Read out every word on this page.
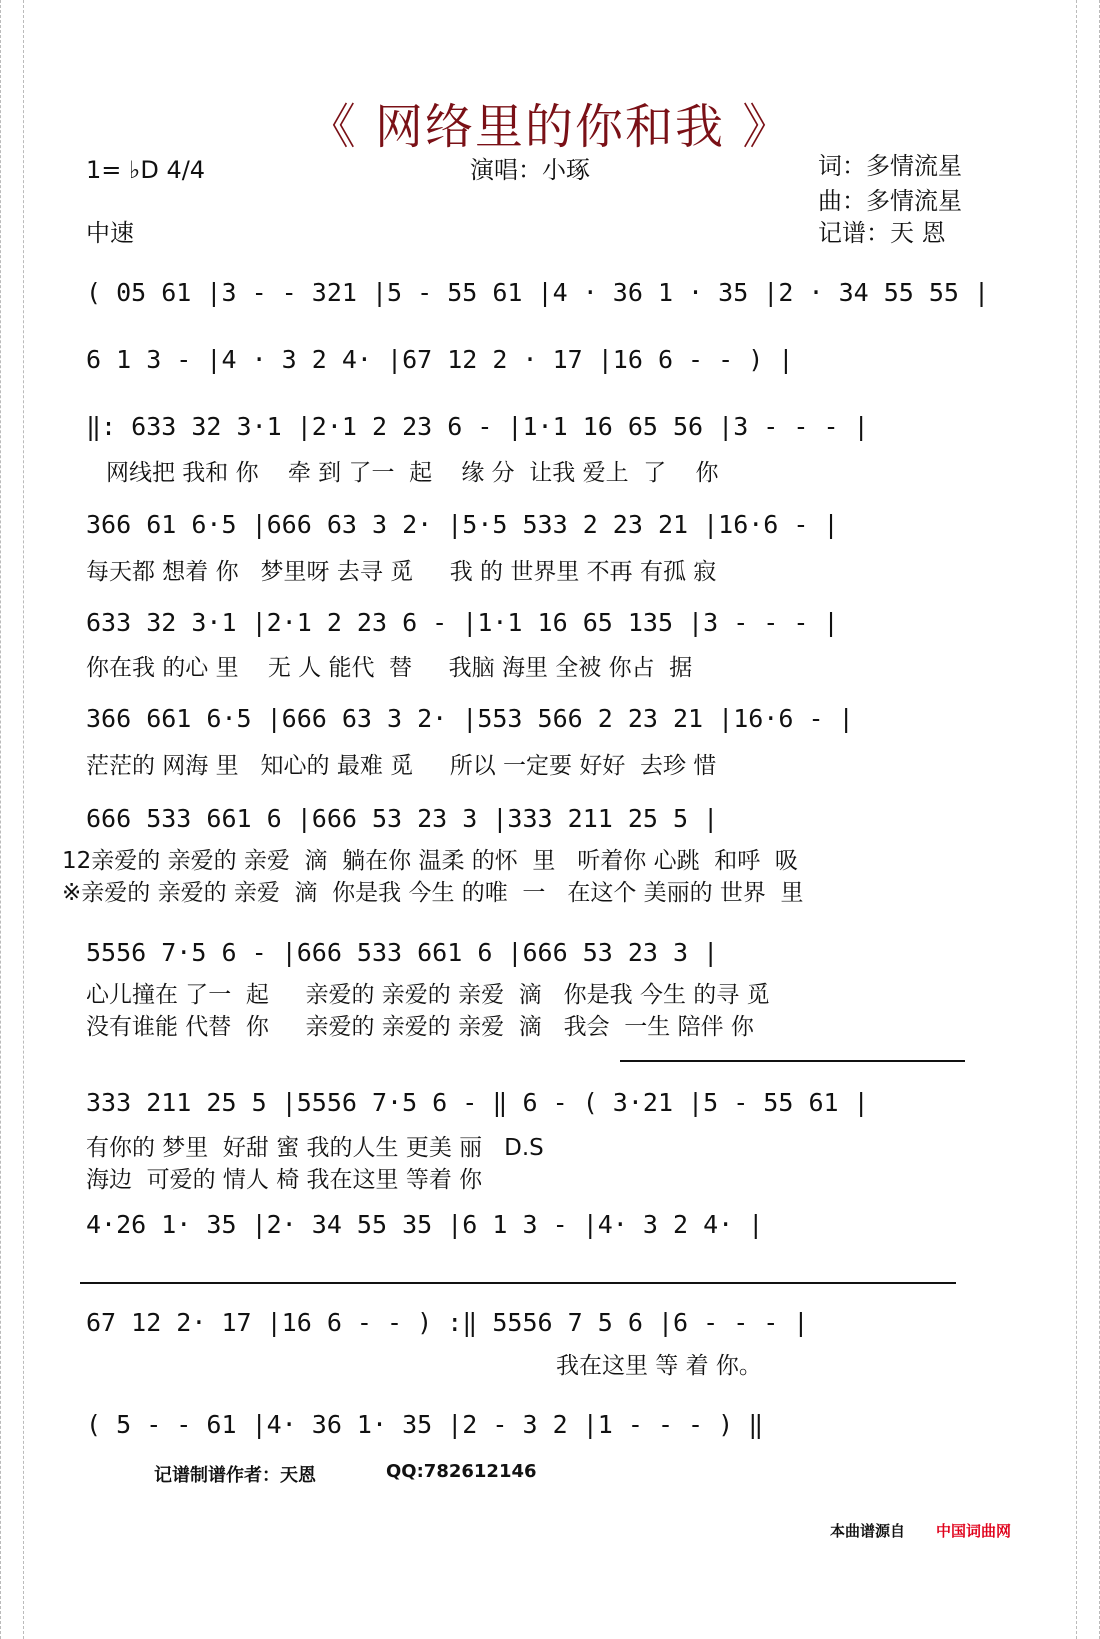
《 网络里的你和我 》
1= ♭D 4/4	演唱：小琢	词：多情流星
曲：多情流星
记谱：天 恩
中速
( 05 61 |3 - - 321 |5 - 55 61 |4 · 36 1 · 35 |2 · 34 55 55 |
6 1 3 - |4 · 3 2 4· |67 12 2 · 17 |16 6 - - ) |
‖: 633 32 3·1 |2·1 2 23 6 - |1·1 16 65 56 |3 - - - |
网线把 我和 你    牵 到 了一  起    缘 分  让我 爱上  了    你
366 61 6·5 |666 63 3 2· |5·5 533 2 23 21 |16·6 - |
每天都 想着 你   梦里呀 去寻 觅     我 的 世界里 不再 有孤 寂
633 32 3·1 |2·1 2 23 6 - |1·1 16 65 135 |3 - - - |
你在我 的心 里    无 人 能代  替     我脑 海里 全被 你占  据
366 661 6·5 |666 63 3 2· |553 566 2 23 21 |16·6 - |
茫茫的 网海 里   知心的 最难 觅     所以 一定要 好好  去珍 惜
666 533 661 6 |666 53 23 3 |333 211 25 5 |
12亲爱的 亲爱的 亲爱  滴  躺在你 温柔 的怀  里   听着你 心跳  和呼  吸
※亲爱的 亲爱的 亲爱  滴  你是我 今生 的唯  一   在这个 美丽的 世界  里
5556 7·5 6 - |666 533 661 6 |666 53 23 3 |
心儿撞在 了一  起     亲爱的 亲爱的 亲爱  滴   你是我 今生 的寻 觅
没有谁能 代替  你     亲爱的 亲爱的 亲爱  滴   我会  一生 陪伴 你
333 211 25 5 |5556 7·5 6 - ‖ 6 - ( 3·21 |5 - 55 61 |
有你的 梦里  好甜 蜜 我的人生 更美 丽   D.S
海边  可爱的 情人 椅 我在这里 等着 你
4·26 1· 35 |2· 34 55 35 |6 1 3 - |4· 3 2 4· |
67 12 2· 17 |16 6 - - ) :‖ 5556 7 5 6 |6 - - - |
我在这里 等 着 你。
( 5 - - 61 |4· 36 1· 35 |2 - 3 2 |1 - - - ) ‖
记谱制谱作者：天恩	QQ:782612146
本曲谱源自 中国词曲网
